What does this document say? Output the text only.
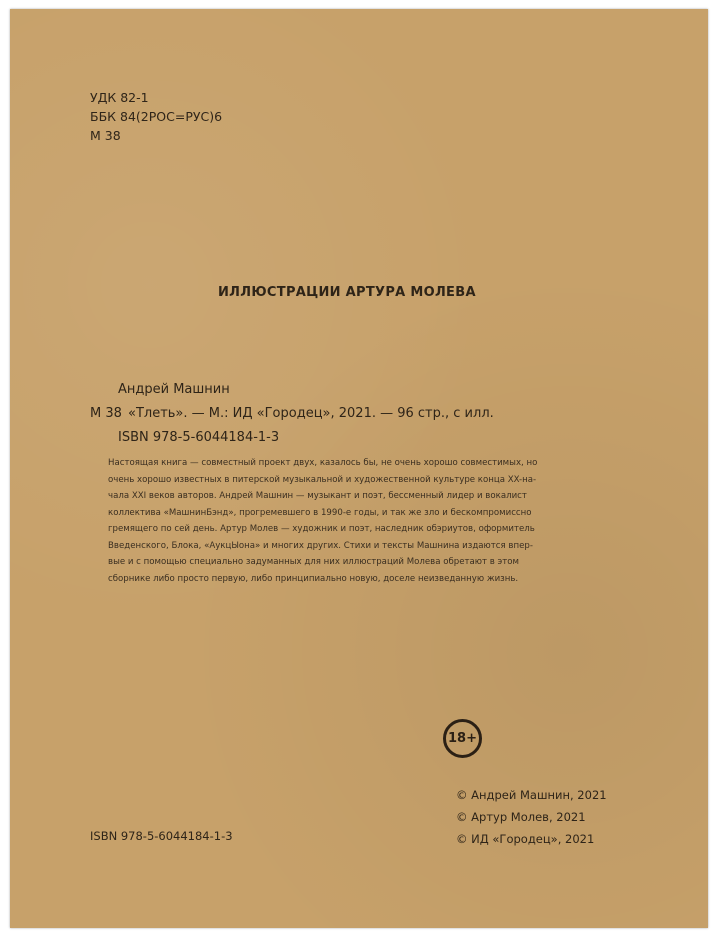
УДК 82-1
ББК 84(2РОС=РУС)6
М 38
ИЛЛЮСТРАЦИИ АРТУРА МОЛЕВА
Андрей Машнин
М 38 «Тлеть». — М.: ИД «Городец», 2021. — 96 стр., с илл.
ISBN 978-5-6044184-1-3
Настоящая книга — совместный проект двух, казалось бы, не очень хорошо совместимых, но
очень хорошо известных в питерской музыкальной и художественной культуре конца XX-на-
чала XXI веков авторов. Андрей Машнин — музыкант и поэт, бессменный лидер и вокалист
коллектива «МашнинБэнд», прогремевшего в 1990-е годы, и так же зло и бескомпромиссно
гремящего по сей день. Артур Молев — художник и поэт, наследник обэриутов, оформитель
Введенского, Блока, «АукцЫона» и многих других. Стихи и тексты Машнина издаются впер-
вые и с помощью специально задуманных для них иллюстраций Молева обретают в этом
сборнике либо просто первую, либо принципиально новую, доселе неизведанную жизнь.
18+
© Андрей Машнин, 2021
© Артур Молев, 2021
© ИД «Городец», 2021
ISBN 978-5-6044184-1-3
